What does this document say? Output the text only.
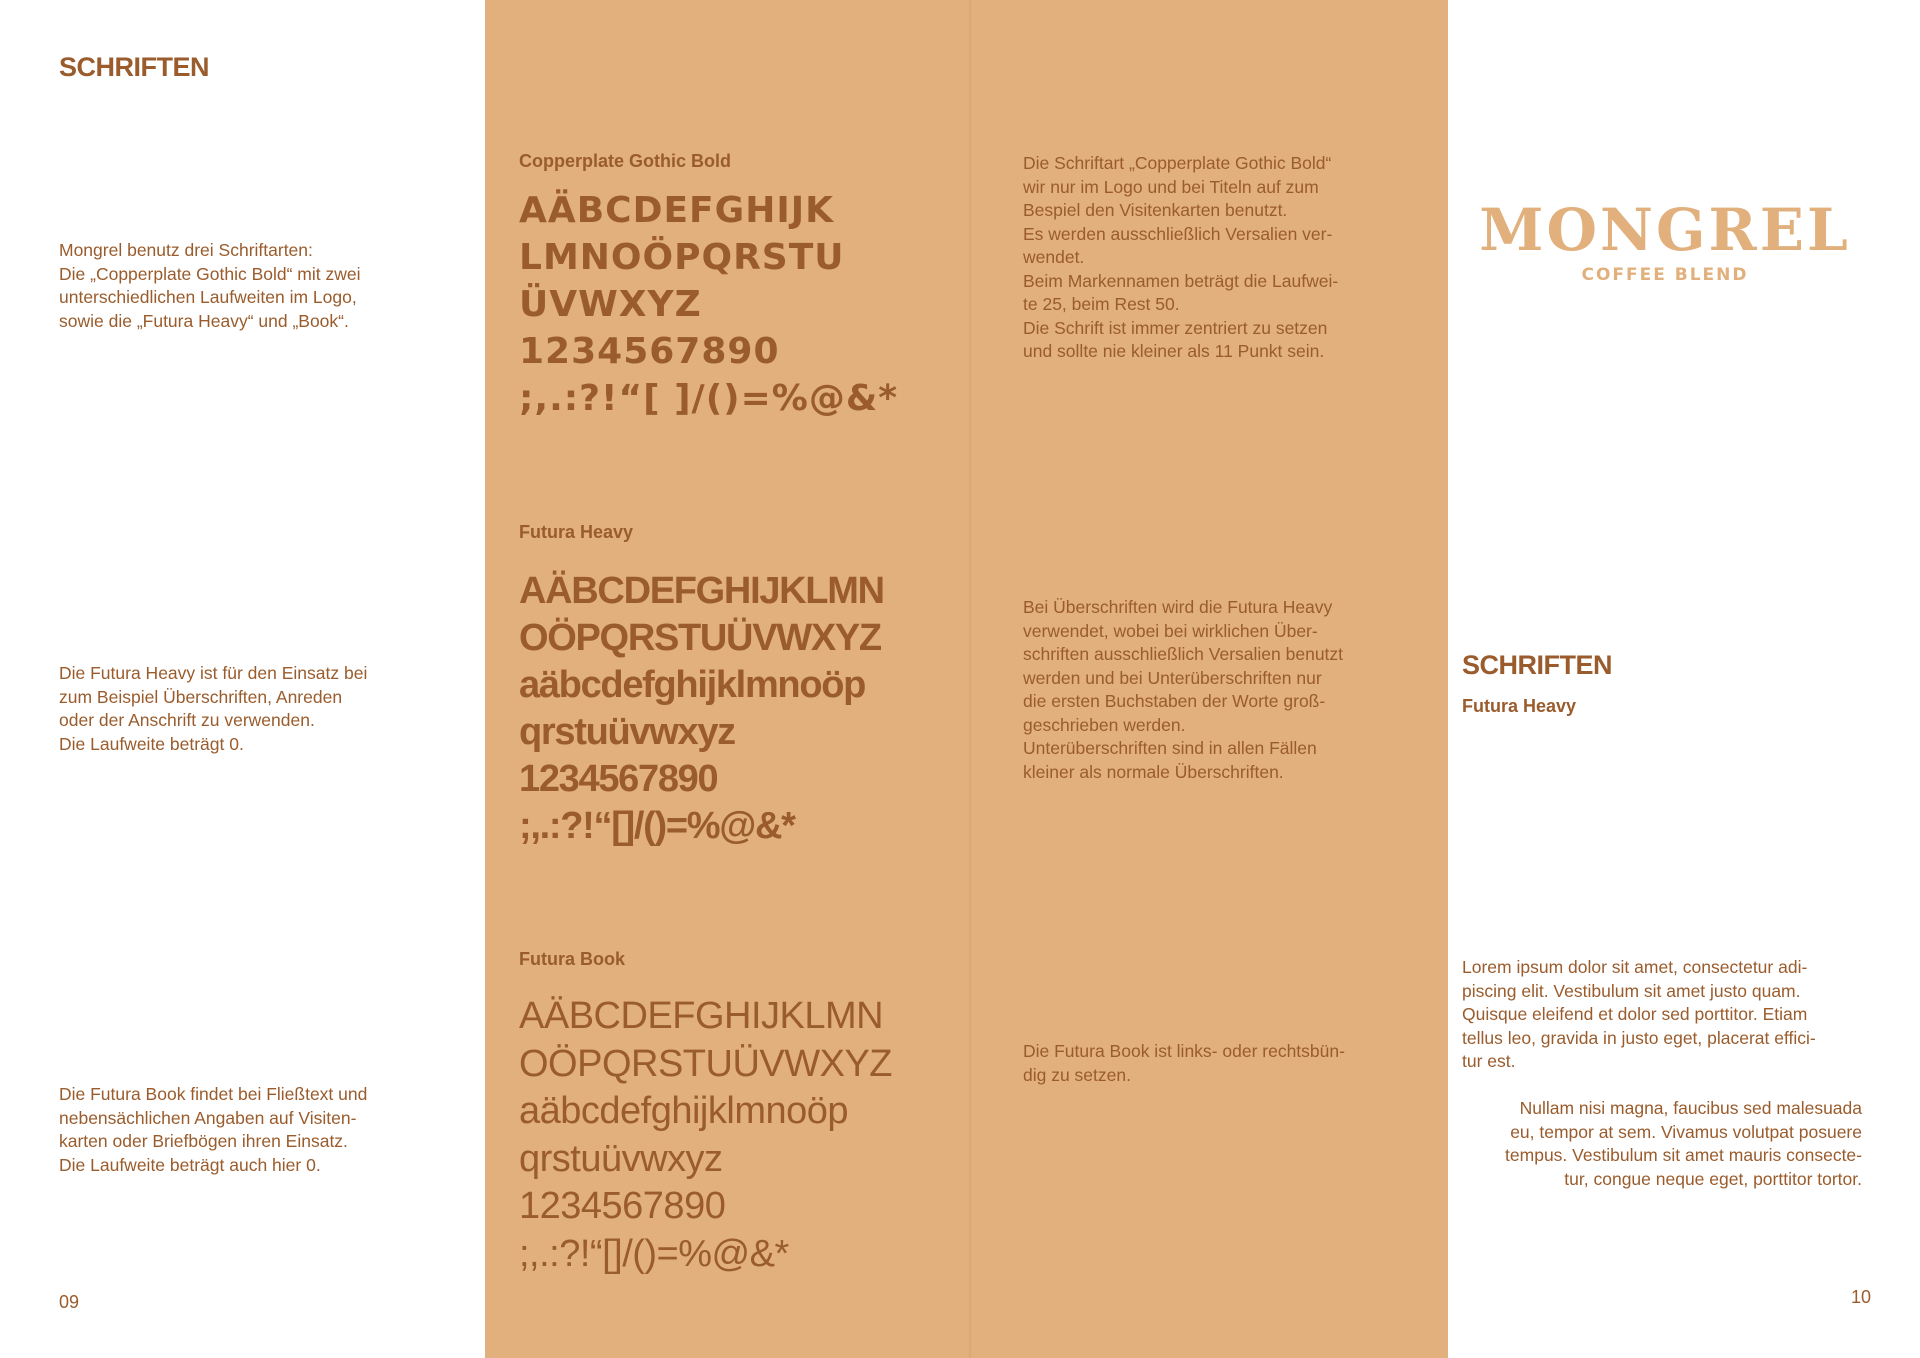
SCHRIFTEN
Mongrel benutz drei Schriftarten:
Die „Copperplate Gothic Bold“ mit zwei
unterschiedlichen Laufweiten im Logo,
sowie die „Futura Heavy“ und „Book“.
Die Futura Heavy ist für den Einsatz bei
zum Beispiel Überschriften, Anreden
oder der Anschrift zu verwenden.
Die Laufweite beträgt 0.
Die Futura Book findet bei Fließtext und
nebensächlichen Angaben auf Visiten-
karten oder Briefbögen ihren Einsatz.
Die Laufweite beträgt auch hier 0.
09
Copperplate Gothic Bold
AÄBCDEFGHIJK
LMNOÖPQRSTU
ÜVWXYZ
1234567890
;,.:?!“[ ]/()=%@&*
Futura Heavy
AÄBCDEFGHIJKLMN
OÖPQRSTUÜVWXYZ
aäbcdefghijklmnoöp
qrstuüvwxyz
1234567890
;,.:?!“[]/()=%@&*
Futura Book
AÄBCDEFGHIJKLMN
OÖPQRSTUÜVWXYZ
aäbcdefghijklmnoöp
qrstuüvwxyz
1234567890
;,.:?!“[]/()=%@&*
Die Schriftart „Copperplate Gothic Bold“
wir nur im Logo und bei Titeln auf zum
Bespiel den Visitenkarten benutzt.
Es werden ausschließlich Versalien ver-
wendet.
Beim Markennamen beträgt die Laufwei-
te 25, beim Rest 50.
Die Schrift ist immer zentriert zu setzen
und sollte nie kleiner als 11 Punkt sein.
Bei Überschriften wird die Futura Heavy
verwendet, wobei bei wirklichen Über-
schriften ausschließlich Versalien benutzt
werden und bei Unterüberschriften nur
die ersten Buchstaben der Worte groß-
geschrieben werden.
Unterüberschriften sind in allen Fällen
kleiner als normale Überschriften.
Die Futura Book ist links- oder rechtsbün-
dig zu setzen.
MONGREL
COFFEE BLEND
SCHRIFTEN
Futura Heavy
Lorem ipsum dolor sit amet, consectetur adi-
piscing elit. Vestibulum sit amet justo quam.
Quisque eleifend et dolor sed porttitor. Etiam
tellus leo, gravida in justo eget, placerat effici-
tur est.
Nullam nisi magna, faucibus sed malesuada
eu, tempor at sem. Vivamus volutpat posuere
tempus. Vestibulum sit amet mauris consecte-
tur, congue neque eget, porttitor tortor.
10
